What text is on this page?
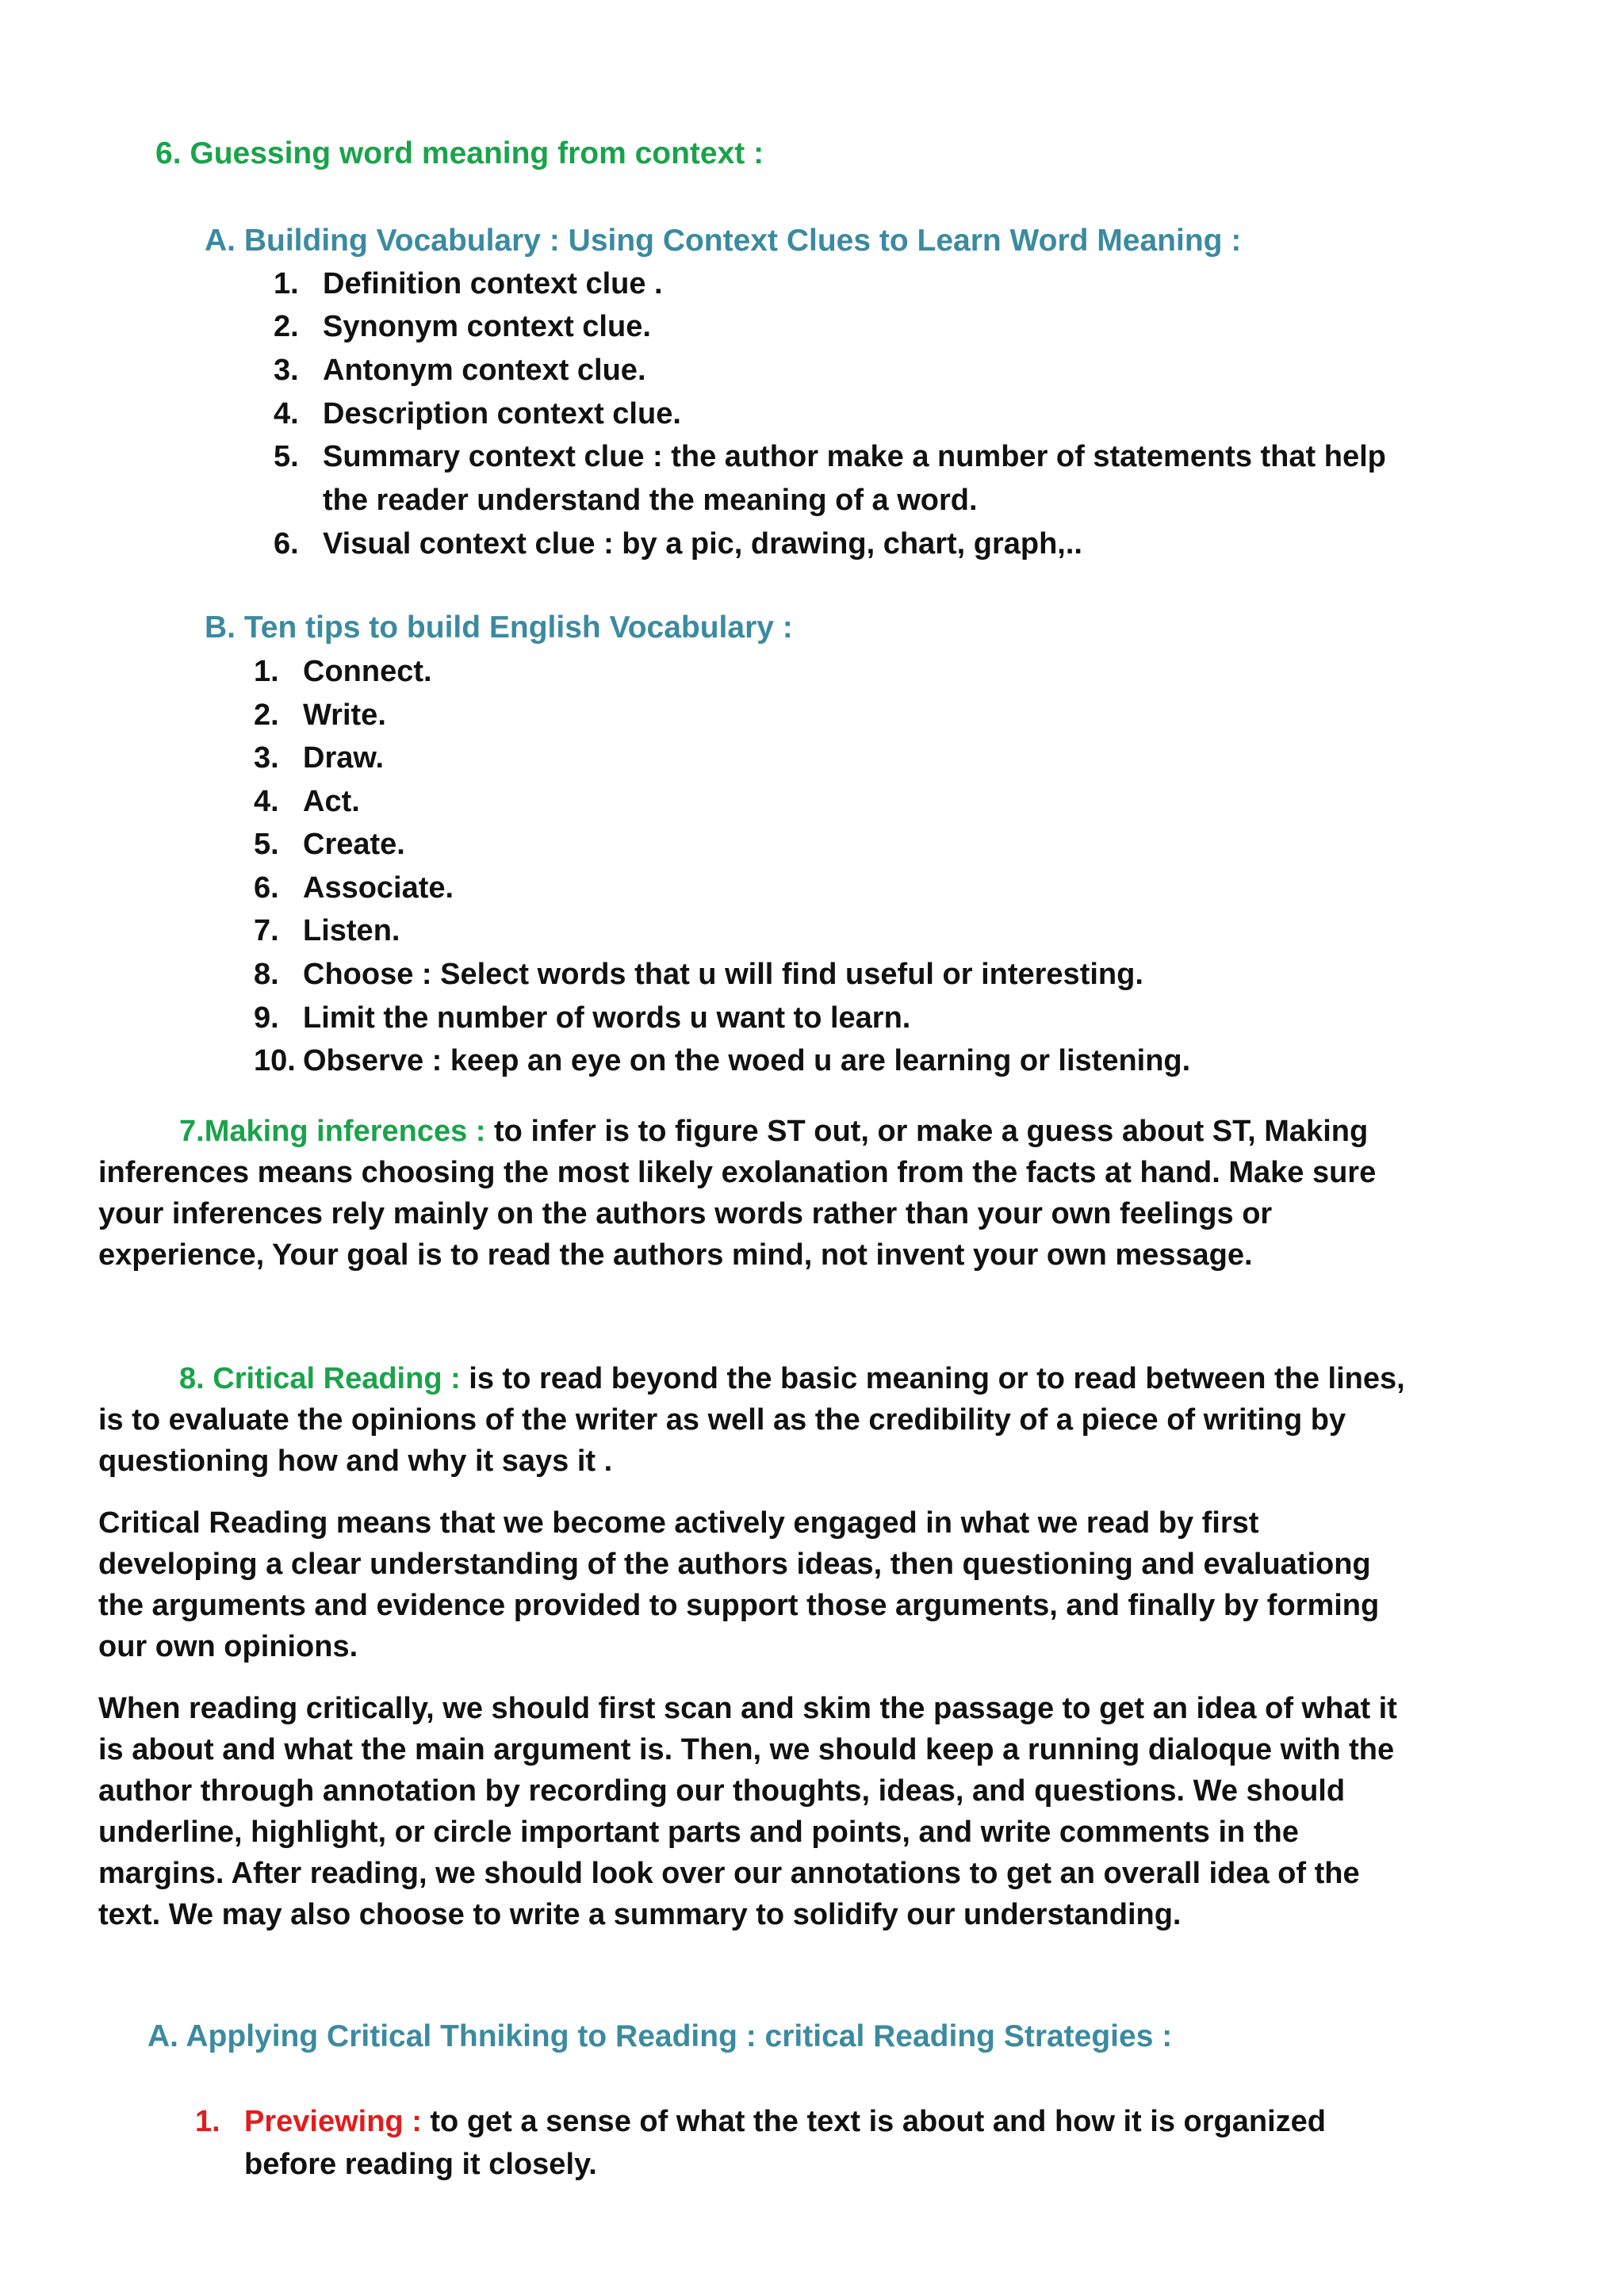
6. Guessing word meaning from context :
A. Building Vocabulary : Using Context Clues to Learn Word Meaning :
1. Definition context clue .
2. Synonym context clue.
3. Antonym context clue.
4. Description context clue.
5. Summary context clue : the author make a number of statements that help
the reader understand the meaning of a word.
6. Visual context clue : by a pic, drawing, chart, graph,..
B. Ten tips to build English Vocabulary :
1. Connect.
2. Write.
3. Draw.
4. Act.
5. Create.
6. Associate.
7. Listen.
8. Choose : Select words that u will find useful or interesting.
9. Limit the number of words u want to learn.
10. Observe : keep an eye on the woed u are learning or listening.
7.Making inferences : to infer is to figure ST out, or make a guess about ST, Making
inferences means choosing the most likely exolanation from the facts at hand. Make sure
your inferences rely mainly on the authors words rather than your own feelings or
experience, Your goal is to read the authors mind, not invent your own message.
8. Critical Reading : is to read beyond the basic meaning or to read between the lines,
is to evaluate the opinions of the writer as well as the credibility of a piece of writing by
questioning how and why it says it .
Critical Reading means that we become actively engaged in what we read by first
developing a clear understanding of the authors ideas, then questioning and evaluationg
the arguments and evidence provided to support those arguments, and finally by forming
our own opinions.
When reading critically, we should first scan and skim the passage to get an idea of what it
is about and what the main argument is. Then, we should keep a running dialoque with the
author through annotation by recording our thoughts, ideas, and questions. We should
underline, highlight, or circle important parts and points, and write comments in the
margins. After reading, we should look over our annotations to get an overall idea of the
text. We may also choose to write a summary to solidify our understanding.
A. Applying Critical Thniking to Reading : critical Reading Strategies :
1. Previewing : to get a sense of what the text is about and how it is organized
before reading it closely.
